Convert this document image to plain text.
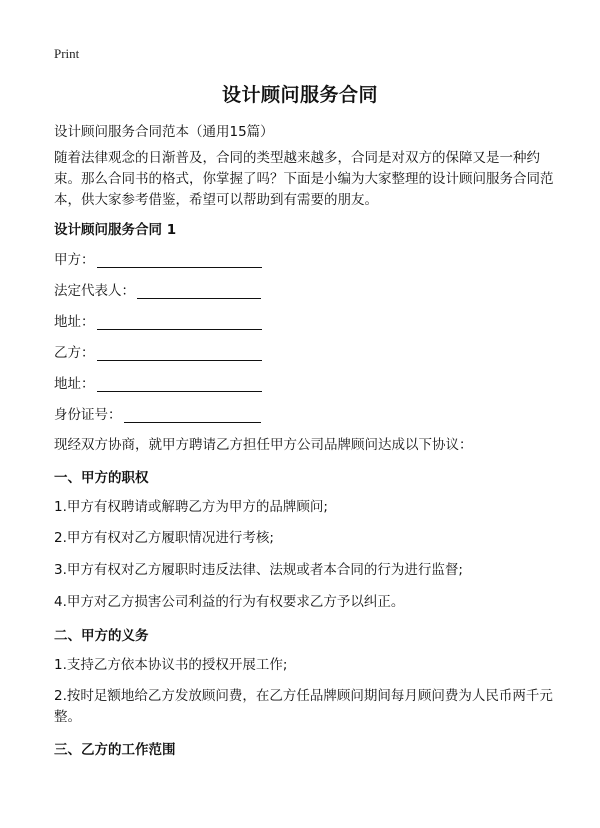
Print
设计顾问服务合同
设计顾问服务合同范本（通用15篇）
随着法律观念的日渐普及，合同的类型越来越多，合同是对双方的保障又是一种约束。那么合同书的格式，你掌握了吗？下面是小编为大家整理的设计顾问服务合同范本，供大家参考借鉴，希望可以帮助到有需要的朋友。
设计顾问服务合同 1
甲方：
法定代表人：
地址：
乙方：
地址：
身份证号：
现经双方协商，就甲方聘请乙方担任甲方公司品牌顾问达成以下协议：
一、甲方的职权
1.甲方有权聘请或解聘乙方为甲方的品牌顾问;
2.甲方有权对乙方履职情况进行考核;
3.甲方有权对乙方履职时违反法律、法规或者本合同的行为进行监督;
4.甲方对乙方损害公司利益的行为有权要求乙方予以纠正。
二、甲方的义务
1.支持乙方依本协议书的授权开展工作;
2.按时足额地给乙方发放顾问费，在乙方任品牌顾问期间每月顾问费为人民币两千元整。
三、乙方的工作范围
